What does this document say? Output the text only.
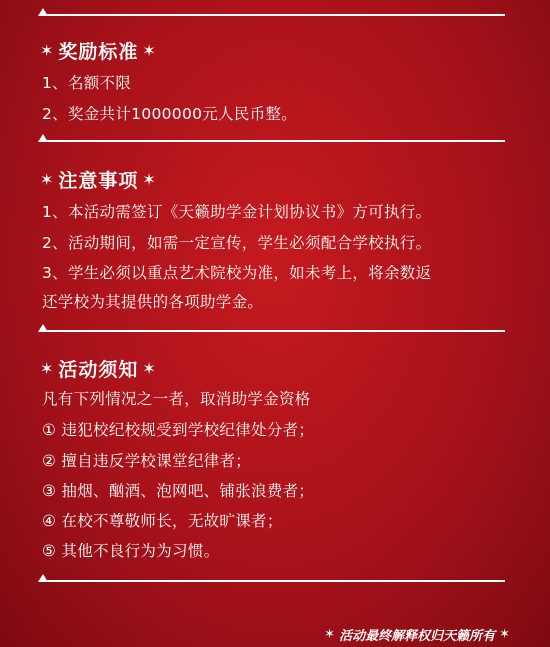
✶ 奖励标准 ✶
1、名额不限
2、奖金共计1000000元人民币整。
✶ 注意事项 ✶
1、本活动需签订《天籁助学金计划协议书》方可执行。
2、活动期间，如需一定宣传，学生必须配合学校执行。
3、学生必须以重点艺术院校为准，如未考上，将余数返
还学校为其提供的各项助学金。
✶ 活动须知 ✶
凡有下列情况之一者，取消助学金资格
① 违犯校纪校规受到学校纪律处分者；
② 擅自违反学校课堂纪律者；
③ 抽烟、酗酒、泡网吧、铺张浪费者；
④ 在校不尊敬师长，无故旷课者；
⑤ 其他不良行为为习惯。
✶ 活动最终解释权归天籁所有 ✶
